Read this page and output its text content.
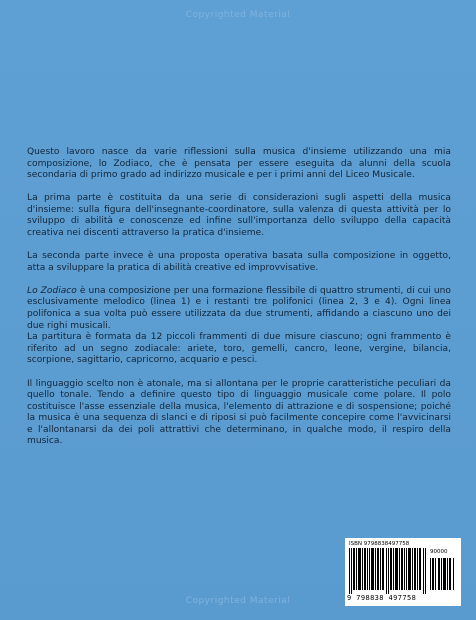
Copyrighted Material

Questo lavoro nasce da varie riflessioni sulla musica d'insieme utilizzando una mia composizione, lo Zodiaco, che è pensata per essere eseguita da alunni della scuola secondaria di primo grado ad indirizzo musicale e per i primi anni del Liceo Musicale.

La prima parte è costituita da una serie di considerazioni sugli aspetti della musica d'insieme: sulla figura dell'insegnante-coordinatore, sulla valenza di questa attività per lo sviluppo di abilità e conoscenze ed infine sull'importanza dello sviluppo della capacità creativa nei discenti attraverso la pratica d'insieme.

La seconda parte invece è una proposta operativa basata sulla composizione in oggetto, atta a sviluppare la pratica di abilità creative ed improvvisative.

Lo Zodiaco è una composizione per una formazione flessibile di quattro strumenti, di cui uno esclusivamente melodico (linea 1) e i restanti tre polifonici (linea 2, 3 e 4). Ogni linea polifonica a sua volta può essere utilizzata da due strumenti, affidando a ciascuno uno dei due righi musicali.

La partitura è formata da 12 piccoli frammenti di due misure ciascuno; ogni frammento è riferito ad un segno zodiacale: ariete, toro, gemelli, cancro, leone, vergine, bilancia, scorpione, sagittario, capricorno, acquario e pesci.

Il linguaggio scelto non è atonale, ma si allontana per le proprie caratteristiche peculiari da quello tonale. Tendo a definire questo tipo di linguaggio musicale come polare. Il polo costituisce l'asse essenziale della musica, l'elemento di attrazione e di sospensione; poiché la musica è una sequenza di slanci e di riposi si può facilmente concepire come l'avvicinarsi e l'allontanarsi da dei poli attrattivi che determinano, in qualche modo, il respiro della musica.

ISBN 9798838497758
90000
9 798838 497758
Copyrighted Material
